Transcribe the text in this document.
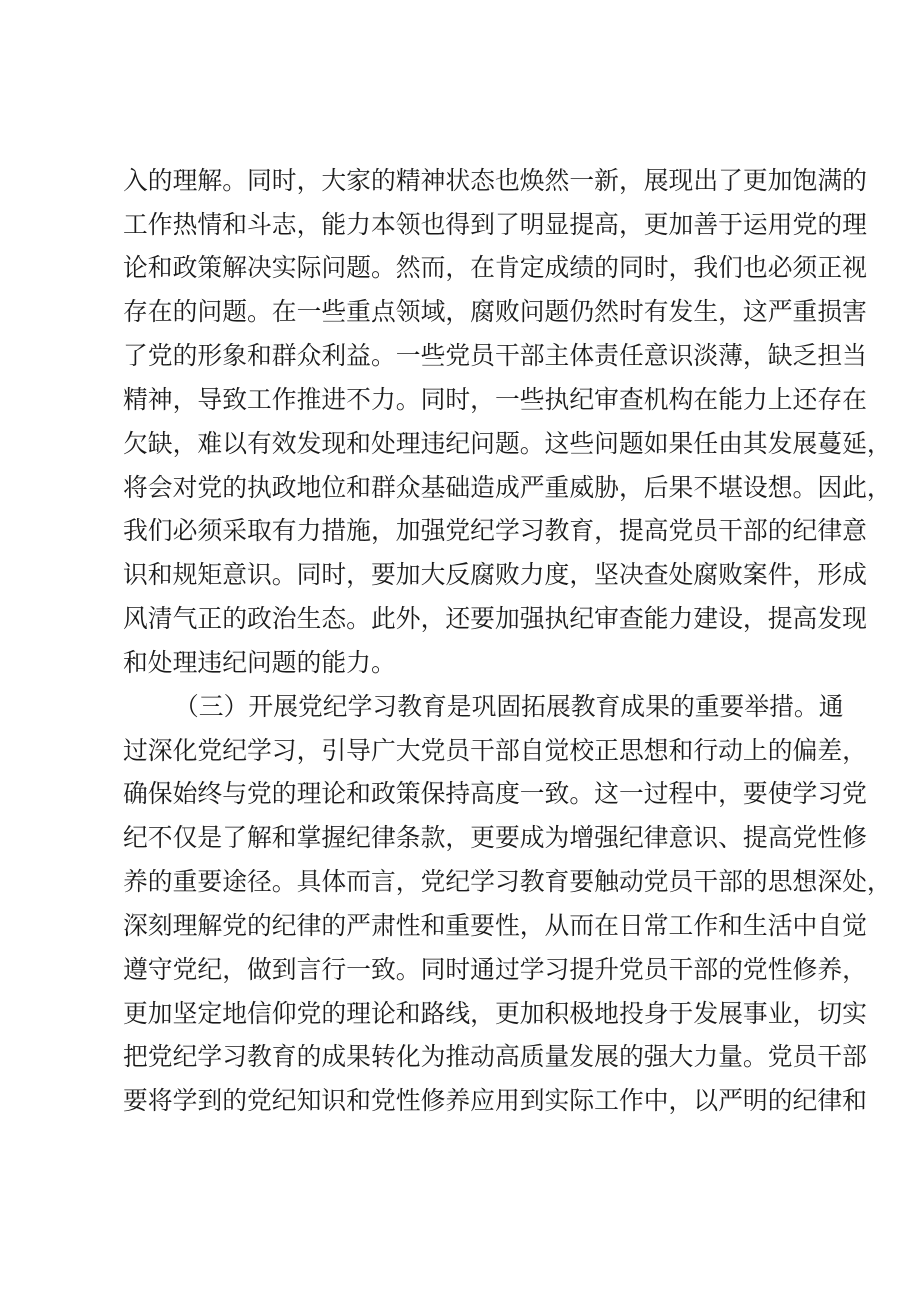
入的理解。同时，大家的精神状态也焕然一新，展现出了更加饱满的
工作热情和斗志，能力本领也得到了明显提高，更加善于运用党的理
论和政策解决实际问题。然而，在肯定成绩的同时，我们也必须正视
存在的问题。在一些重点领域，腐败问题仍然时有发生，这严重损害
了党的形象和群众利益。一些党员干部主体责任意识淡薄，缺乏担当
精神，导致工作推进不力。同时，一些执纪审查机构在能力上还存在
欠缺，难以有效发现和处理违纪问题。这些问题如果任由其发展蔓延，
将会对党的执政地位和群众基础造成严重威胁，后果不堪设想。因此，
我们必须采取有力措施，加强党纪学习教育，提高党员干部的纪律意
识和规矩意识。同时，要加大反腐败力度，坚决查处腐败案件，形成
风清气正的政治生态。此外，还要加强执纪审查能力建设，提高发现
和处理违纪问题的能力。
（三）开展党纪学习教育是巩固拓展教育成果的重要举措。通
过深化党纪学习，引导广大党员干部自觉校正思想和行动上的偏差，
确保始终与党的理论和政策保持高度一致。这一过程中，要使学习党
纪不仅是了解和掌握纪律条款，更要成为增强纪律意识、提高党性修
养的重要途径。具体而言，党纪学习教育要触动党员干部的思想深处，
深刻理解党的纪律的严肃性和重要性，从而在日常工作和生活中自觉
遵守党纪，做到言行一致。同时通过学习提升党员干部的党性修养，
更加坚定地信仰党的理论和路线，更加积极地投身于发展事业，切实
把党纪学习教育的成果转化为推动高质量发展的强大力量。党员干部
要将学到的党纪知识和党性修养应用到实际工作中，以严明的纪律和
